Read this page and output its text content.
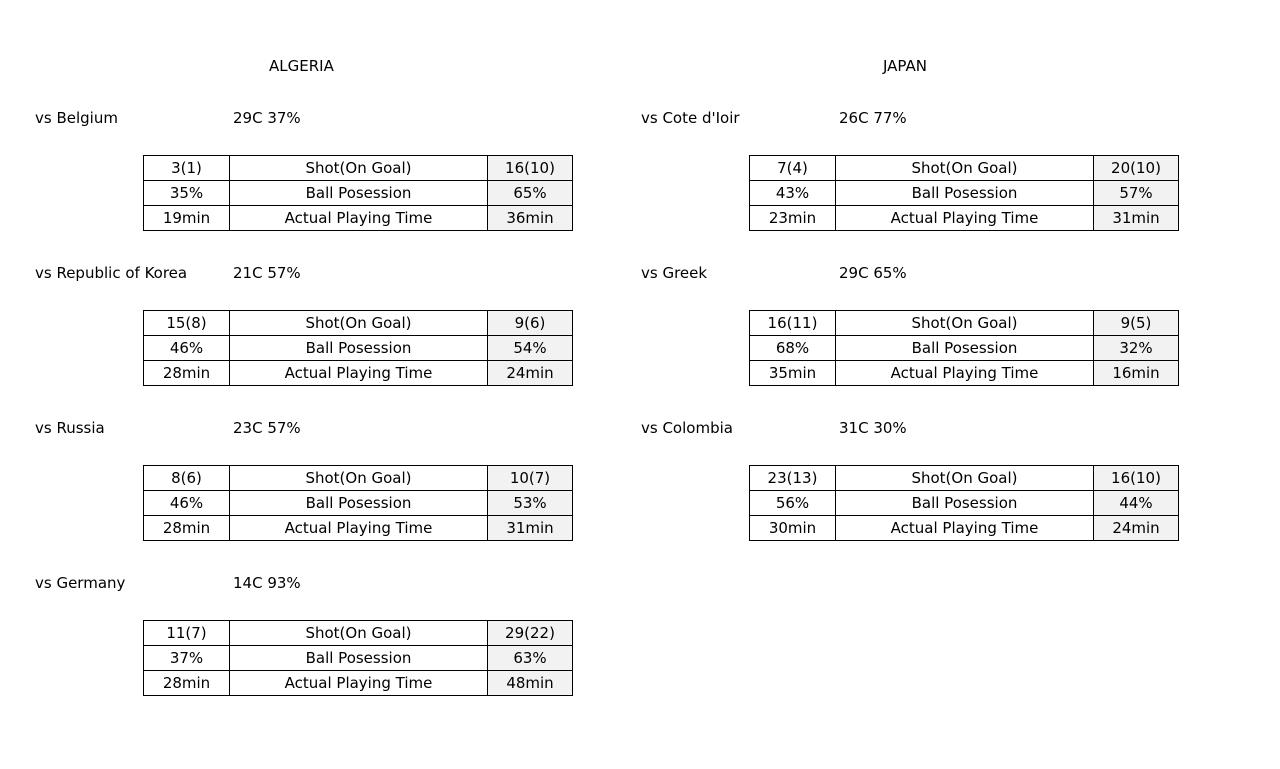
ALGERIA
vs Belgium	29C 37%
3(1)	Shot(On Goal)	16(10)
35%	Ball Posession	65%
19min	Actual Playing Time	36min
vs Republic of Korea	21C 57%
15(8)	Shot(On Goal)	9(6)
46%	Ball Posession	54%
28min	Actual Playing Time	24min
vs Russia	23C 57%
8(6)	Shot(On Goal)	10(7)
46%	Ball Posession	53%
28min	Actual Playing Time	31min
vs Germany	14C 93%
11(7)	Shot(On Goal)	29(22)
37%	Ball Posession	63%
28min	Actual Playing Time	48min
JAPAN
vs Cote d'Ioir	26C 77%
7(4)	Shot(On Goal)	20(10)
43%	Ball Posession	57%
23min	Actual Playing Time	31min
vs Greek	29C 65%
16(11)	Shot(On Goal)	9(5)
68%	Ball Posession	32%
35min	Actual Playing Time	16min
vs Colombia	31C 30%
23(13)	Shot(On Goal)	16(10)
56%	Ball Posession	44%
30min	Actual Playing Time	24min
